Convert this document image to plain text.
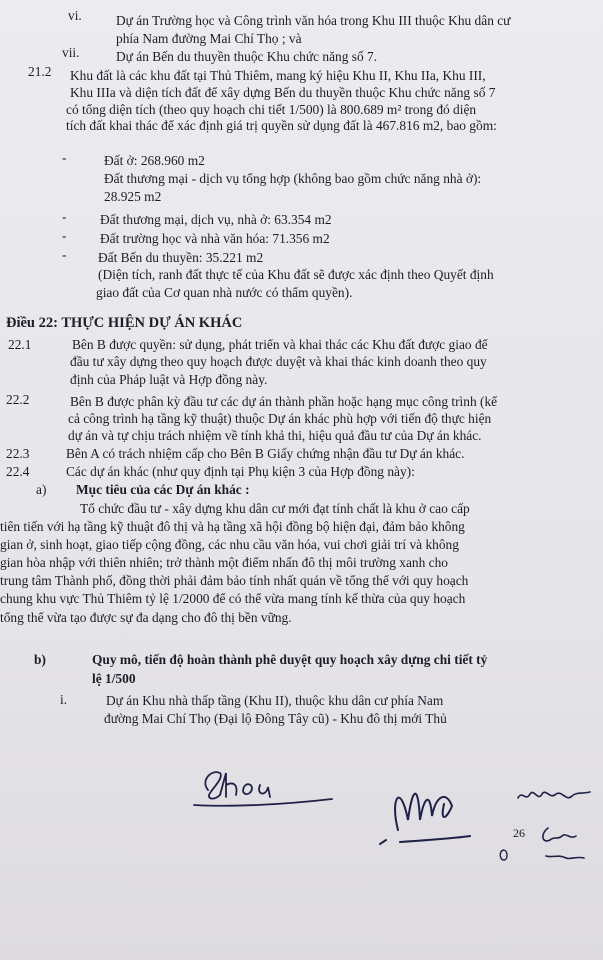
vi.	Dự án Trường học và Công trình văn hóa trong Khu III thuộc Khu dân cư
phía Nam đường Mai Chí Thọ ; và
vii.	Dự án Bến du thuyền thuộc Khu chức năng số 7.
21.2 Khu đất là các khu đất tại Thủ Thiêm, mang ký hiệu Khu II, Khu IIa, Khu III,
Khu IIIa và diện tích đất để xây dựng Bến du thuyền thuộc Khu chức năng số 7
có tổng diện tích (theo quy hoạch chi tiết 1/500) là 800.689 m² trong đó diện
tích đất khai thác để xác định giá trị quyền sử dụng đất là 467.816 m2, bao gồm:
-	Đất ở: 268.960 m2
Đất thương mại - dịch vụ tổng hợp (không bao gồm chức năng nhà ở):
28.925 m2
-	Đất thương mại, dịch vụ, nhà ở: 63.354 m2
-	Đất trường học và nhà văn hóa: 71.356 m2
- Đất Bến du thuyền: 35.221 m2
(Diện tích, ranh đất thực tế của Khu đất sẽ được xác định theo Quyết định
giao đất của Cơ quan nhà nước có thẩm quyền).
Điều 22: THỰC HIỆN DỰ ÁN KHÁC
22.1	Bên B được quyền: sử dụng, phát triển và khai thác các Khu đất được giao để
đầu tư xây dựng theo quy hoạch được duyệt và khai thác kinh doanh theo quy
định của Pháp luật và Hợp đồng này.
22.2	Bên B được phân kỳ đầu tư các dự án thành phần hoặc hạng mục công trình (kể
cả công trình hạ tầng kỹ thuật) thuộc Dự án khác phù hợp với tiến độ thực hiện
dự án và tự chịu trách nhiệm về tính khả thi, hiệu quả đầu tư của Dự án khác.
22.3	Bên A có trách nhiệm cấp cho Bên B Giấy chứng nhận đầu tư Dự án khác.
22.4	Các dự án khác (như quy định tại Phụ kiện 3 của Hợp đồng này):
a) Mục tiêu của các Dự án khác :
Tổ chức đầu tư - xây dựng khu dân cư mới đạt tính chất là khu ở cao cấp
tiên tiến với hạ tầng kỹ thuật đô thị và hạ tầng xã hội đồng bộ hiện đại, đảm bảo không
gian ở, sinh hoạt, giao tiếp cộng đồng, các nhu cầu văn hóa, vui chơi giải trí và không
gian hòa nhập với thiên nhiên; trở thành một điểm nhấn đô thị môi trường xanh cho
trung tâm Thành phố, đồng thời phải đảm bảo tính nhất quán về tổng thể với quy hoạch
chung khu vực Thủ Thiêm tỷ lệ 1/2000 để có thể vừa mang tính kế thừa của quy hoạch
tổng thể vừa tạo được sự đa dạng cho đô thị bền vững.
b)	Quy mô, tiến độ hoàn thành phê duyệt quy hoạch xây dựng chi tiết tỷ
lệ 1/500
i.	Dự án Khu nhà thấp tầng (Khu II), thuộc khu dân cư phía Nam
đường Mai Chí Thọ (Đại lộ Đông Tây cũ) - Khu đô thị mới Thủ
26
